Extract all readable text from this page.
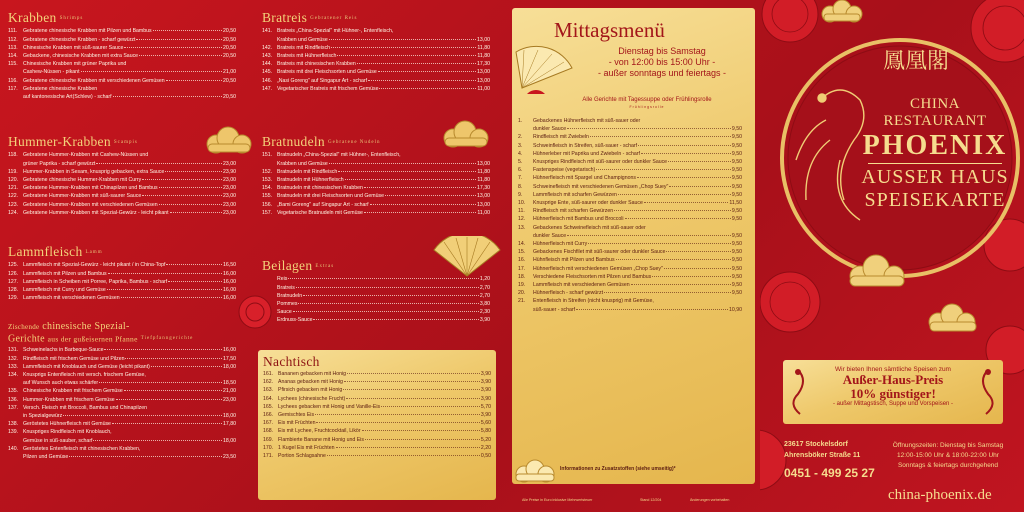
Krabben Shrimps
111.	Gebratene chinesische Krabben mit Pilzen und Bambus	20,50
112.	Gebratene chinesische Krabben - scharf gewürzt	20,50
113.	Chinesische Krabben mit süß-saurer Sauce	20,50
114.	Gebackene, chinesische Krabben mit extra Sauce	20,50
115.	Chinesische Krabben mit grüner Paprika und
Cashew-Nüssen - pikant	21,00
116.	Gebratene chinesische Krabben mit verschiedenen Gemüsen	20,50
117.	Gebratene chinesische Krabben
auf kantonesische Art(Schlew) - scharf	20,50
Hummer-Krabben Scampis
118.	Gebratene Hummer-Krabben mit Cashew-Nüssen und
grüner Paprika - scharf gewürzt	23,00
119.	Hummer-Krabben in Sesam, knusprig gebacken, extra Sauce	23,90
120. Gebratene chinesische Hummer-Krabben mit Curry	23,00
121. Gebratene Hummer-Krabben mit Chinapilzen und Bambus	23,00
122. Gebratene Hummer-Krabben mit süß-saurer Sauce	23,00
123. Gebratene Hummer-Krabben mit verschiedenen Gemüsen	23,00
124. Gebratene Hummer-Krabben mit Spezial-Gewürz - leicht pikant	23,00
Lammfleisch Lamm
125. Lammfleisch mit Spezial-Gewürz - leicht pikant / in China-Topf	16,50
126. Lammfleisch mit Pilzen und Bambus	16,00
127. Lammfleisch in Scheiben mit Porree, Paprika, Bambus - scharf	16,00
128. Lammfleisch mit Curry und Gemüse	16,00
129. Lammfleisch mit verschiedenen Gemüsen	16,00
Zischende chinesische Spezial-
Gerichte aus der gußeisernen Pfanne Tiefpfanngerichte
131. Schweinelachs in Barbeque-Sauce	16,00
132. Rindfleisch mit frischem Gemüse und Pilzen	17,50
133. Lammfleisch mit Knoblauch und Gemüse (leicht pikant)	18,00
134. Knusprigs Entenfleisch mit versch. frischem Gemüse,
auf Wunsch auch etwas schärfer	18,50
135. Chinesische Krabben mit frischem Gemüse	21,00
136. Hummer-Krabben mit frischem Gemüse	23,00
137. Versch. Fleisch mit Broccoli, Bambus und Chinapilzen
in Spezialgewürz	18,00
138. Geröstetes Hühnerfleisch mit Gemüse	17,80
139. Knuspriges Rindfleisch mit Knoblauch,
Gemüse in süß-sauber, scharf	18,00
140. Geröstetes Entenfleisch mit chinesischen Krabben,
Pilzen und Gemüse	23,50
Bratreis Gebratener Reis
141. Bratreis „China-Spezial" mit Hühner-, Entenfleisch,
Krabben und Gemüse	13,00
142. Bratreis mit Rindfleisch	11,80
143. Bratreis mit Hühnerfleisch	11,80
144. Bratreis mit chinesischen Krabben	17,30
145. Bratreis mit drei Fleischsorten und Gemüse	13,00
146. „Nasi Goreng" auf Singapur Art - scharf	13,00
147. Vegetarischer Bratreis mit frischem Gemüse	11,00
Bratnudeln Gebratene Nudeln
151. Bratnudeln „China-Spezial" mit Hühner-, Entenfleisch,
Krabben und Gemüse	13,00
152. Bratnudeln mit Rindfleisch	11,80
153. Bratnudeln mit Hühnerfleisch	11,80
154. Bratnudeln mit chinesischen Krabben	17,30
155. Bratnudeln mit drei Fleischsorten und Gemüse	13,00
156. „Bami Goreng" auf Singapur Art - scharf	13,00
157. Vegetarische Bratnudeln mit Gemüse	11,00
Beilagen Extras
Reis	1,20
Bratreis	2,70
Bratnudeln	2,70
Pommes	3,80
Sauce	2,30
Erdnuss-Sauce	3,90
Nachtisch
161. Bananen gebacken mit Honig	3,90
162. Ananas gebacken mit Honig	3,90
163. Pfirsich gebacken mit Honig	3,90
164. Lychees (chinesische Frucht)	3,90
165. Lychees gebacken mit Honig und Vanille-Eis	5,70
166. Gemischtes Eis	3,90
167. Eis mit Früchten	5,60
168. Eis mit Lychee, Fruchtcocktail, Likör	5,80
169. Flambierte Banane mit Honig und Eis	5,20
170. 1 Kugel Eis mit Früchten	2,20
171. Portion Schlagsahne	0,50
Mittagsmenü
Dienstag bis Samstag
- von 12:00 bis 15:00 Uhr -
- außer sonntags und feiertags -
Alle Gerichte mit Tagessuppe oder Frühlingsrolle
Frühlingsrolle
1.	Gebackenes Hühnerfleisch mit süß-sauer oder
dunkler Sauce	9,50
2.	Rindfleisch mit Zwiebeln	9,50
3.	Schweinfleisch in Streifen, süß-sauer - scharf	9,50
4.	Hühnerleber mit Paprika und Zwiebeln - scharf	9,50
5.	Knuspriges Rindfleisch mit süß-saurer oder dunkler Sauce	9,50
6.	Fastenspeise (vegetarisch)	9,50
7.	Hühnerfleisch mit Spargel und Champignons	9,50
8.	Schweinefleisch mit verschiedenen Gemüsen „Chop Suey"	9,50
9.	Lammfleisch mit scharfen Gewürzen	9,50
10.	Knusprige Ente, süß-saurer oder dunkler Sauce	11,50
11.	Rindfleisch mit scharfen Gewürzen	9,50
12.	Hühnerfleisch mit Bambus und Broccoli	9,50
13.	Gebackenes Schweinefleisch mit süß-sauer oder
dunkler Sauce	9,50
14.	Hühnerfleisch mit Curry	9,50
15.	Gebackenes Fischfilet mit süß-saurer oder dunkler Sauce	9,50
16.	Hühnfleisch mit Pilzen und Bambus	9,50
17.	Hühnerfleisch mit verschiedenen Gemüsen „Chop Suey"	9,50
18.	Verschiedene Fleischsorten mit Pilzen und Bambus	9,50
19.	Lammfleisch mit verschiedenen Gemüsen	9,50
20.	Hühnerfleisch - scharf gewürzt	9,50
21.	Entenfleisch in Streifen (nicht knusprig) mit Gemüse,
süß-sauer - scharf	10,90
Informationen zu Zusatzstoffen (siehe umseitig)*
Alle Preise in Euro inklusive Mehrwertsteuer	Stand 12/204	Änderungen vorbehalten
鳳凰閣
CHINA RESTAURANT
PHOENIX
AUSSER HAUS
SPEISEKARTE
Wir bieten Ihnen sämtliche Speisen zum
Außer-Haus-Preis
10% günstiger!
- außer Mittagstisch, Suppe und Vorspeisen -
23617 Stockelsdorf
Ahrensböker Straße 11
0451 - 499 25 27
Öffnungszeiten: Dienstag bis Samstag
12:00-15:00 Uhr & 18:00-22:00 Uhr
Sonntags & feiertags durchgehend
china-phoenix.de
